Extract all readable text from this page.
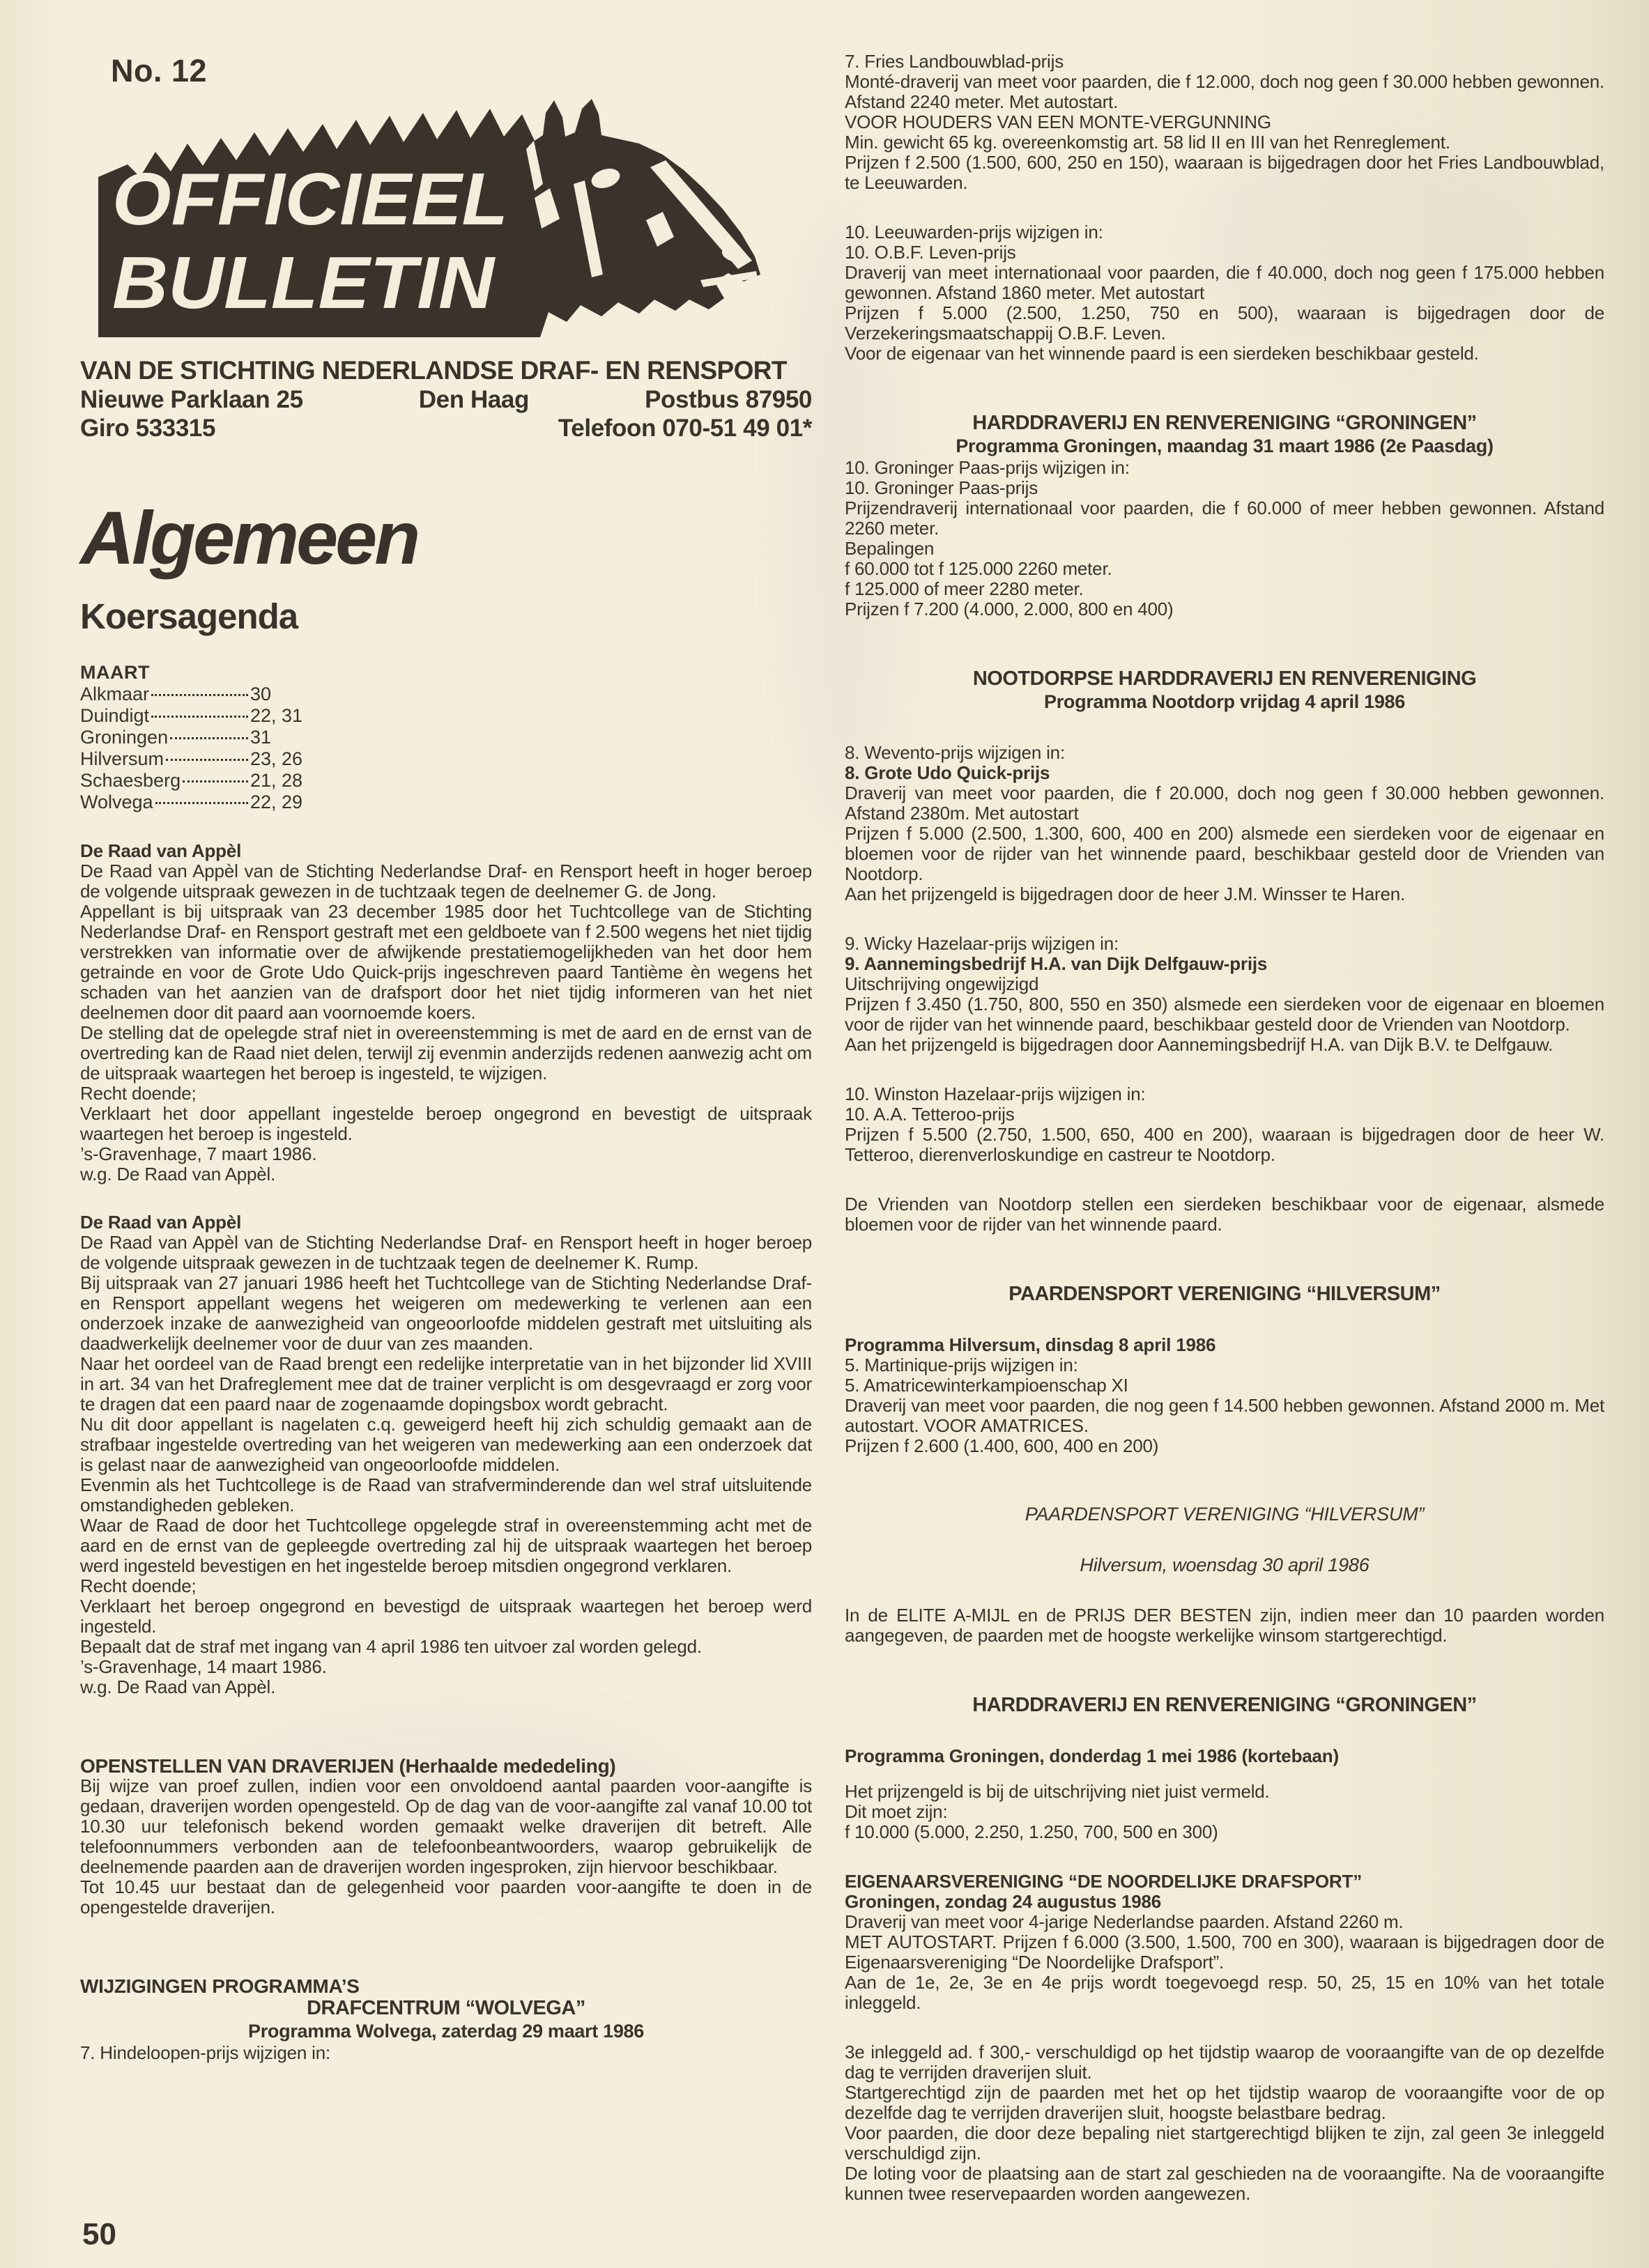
No. 12
OFFICIEEL
BULLETIN
VAN DE STICHTING NEDERLANDSE DRAF- EN RENSPORT
Nieuwe Parklaan 25	Den Haag	Postbus 87950
Giro 533315	Telefoon 070-51 49 01*
Algemeen
Koersagenda
MAART
Alkmaar	30
Duindigt	22, 31
Groningen	31
Hilversum	23, 26
Schaesberg	21, 28
Wolvega	22, 29
De Raad van Appèl
De Raad van Appèl van de Stichting Nederlandse Draf- en Rensport heeft in hoger beroep de volgende uitspraak gewezen in de tuchtzaak tegen de deelnemer G. de Jong.
Appellant is bij uitspraak van 23 december 1985 door het Tuchtcollege van de Stichting Nederlandse Draf- en Rensport gestraft met een geldboete van f 2.500 wegens het niet tijdig verstrekken van informatie over de afwijkende prestatiemogelijkheden van het door hem getrainde en voor de Grote Udo Quick-prijs ingeschreven paard Tantième èn wegens het schaden van het aanzien van de drafsport door het niet tijdig informeren van het niet deelnemen door dit paard aan voornoemde koers.
De stelling dat de opelegde straf niet in overeenstemming is met de aard en de ernst van de overtreding kan de Raad niet delen, terwijl zij evenmin anderzijds redenen aanwezig acht om de uitspraak waartegen het beroep is ingesteld, te wijzigen.
Recht doende;
Verklaart het door appellant ingestelde beroep ongegrond en bevestigt de uitspraak waartegen het beroep is ingesteld.
’s-Gravenhage, 7 maart 1986.
w.g. De Raad van Appèl.
De Raad van Appèl
De Raad van Appèl van de Stichting Nederlandse Draf- en Rensport heeft in hoger beroep de volgende uitspraak gewezen in de tuchtzaak tegen de deelnemer K. Rump.
Bij uitspraak van 27 januari 1986 heeft het Tuchtcollege van de Stichting Nederlandse Draf- en Rensport appellant wegens het weigeren om medewerking te verlenen aan een onderzoek inzake de aanwezigheid van ongeoorloofde middelen gestraft met uitsluiting als daadwerkelijk deelnemer voor de duur van zes maanden.
Naar het oordeel van de Raad brengt een redelijke interpretatie van in het bijzonder lid XVIII in art. 34 van het Drafreglement mee dat de trainer verplicht is om desgevraagd er zorg voor te dragen dat een paard naar de zogenaamde dopingsbox wordt gebracht.
Nu dit door appellant is nagelaten c.q. geweigerd heeft hij zich schuldig gemaakt aan de strafbaar ingestelde overtreding van het weigeren van medewerking aan een onderzoek dat is gelast naar de aanwezigheid van ongeoorloofde middelen.
Evenmin als het Tuchtcollege is de Raad van strafverminderende dan wel straf uitsluitende omstandigheden gebleken.
Waar de Raad de door het Tuchtcollege opgelegde straf in overeenstemming acht met de aard en de ernst van de gepleegde overtreding zal hij de uitspraak waartegen het beroep werd ingesteld bevestigen en het ingestelde beroep mitsdien ongegrond verklaren.
Recht doende;
Verklaart het beroep ongegrond en bevestigd de uitspraak waartegen het beroep werd ingesteld.
Bepaalt dat de straf met ingang van 4 april 1986 ten uitvoer zal worden gelegd.
’s-Gravenhage, 14 maart 1986.
w.g. De Raad van Appèl.
OPENSTELLEN VAN DRAVERIJEN (Herhaalde mededeling)
Bij wijze van proef zullen, indien voor een onvoldoend aantal paarden voor-aangifte is gedaan, draverijen worden opengesteld. Op de dag van de voor-aangifte zal vanaf 10.00 tot 10.30 uur telefonisch bekend worden gemaakt welke draverijen dit betreft. Alle telefoonnummers verbonden aan de telefoonbeantwoorders, waarop gebruikelijk de deelnemende paarden aan de draverijen worden ingesproken, zijn hiervoor beschikbaar.
Tot 10.45 uur bestaat dan de gelegenheid voor paarden voor-aangifte te doen in de opengestelde draverijen.
WIJZIGINGEN PROGRAMMA’S
DRAFCENTRUM “WOLVEGA”
Programma Wolvega, zaterdag 29 maart 1986
7. Hindeloopen-prijs wijzigen in:
7. Fries Landbouwblad-prijs
Monté-draverij van meet voor paarden, die f 12.000, doch nog geen f 30.000 hebben gewonnen. Afstand 2240 meter. Met autostart.
VOOR HOUDERS VAN EEN MONTE-VERGUNNING
Min. gewicht 65 kg. overeenkomstig art. 58 lid II en III van het Renreglement.
Prijzen f 2.500 (1.500, 600, 250 en 150), waaraan is bijgedragen door het Fries Landbouwblad, te Leeuwarden.
10. Leeuwarden-prijs wijzigen in:
10. O.B.F. Leven-prijs
Draverij van meet internationaal voor paarden, die f 40.000, doch nog geen f 175.000 hebben gewonnen. Afstand 1860 meter. Met autostart
Prijzen f 5.000 (2.500, 1.250, 750 en 500), waaraan is bijgedragen door de Verzekeringsmaatschappij O.B.F. Leven.
Voor de eigenaar van het winnende paard is een sierdeken beschikbaar gesteld.
HARDDRAVERIJ EN RENVERENIGING “GRONINGEN”
Programma Groningen, maandag 31 maart 1986 (2e Paasdag)
10. Groninger Paas-prijs wijzigen in:
10. Groninger Paas-prijs
Prijzendraverij internationaal voor paarden, die f 60.000 of meer hebben gewonnen. Afstand 2260 meter.
Bepalingen
f 60.000 tot f 125.000 2260 meter.
f 125.000 of meer 2280 meter.
Prijzen f 7.200 (4.000, 2.000, 800 en 400)
NOOTDORPSE HARDDRAVERIJ EN RENVERENIGING
Programma Nootdorp vrijdag 4 april 1986
8. Wevento-prijs wijzigen in:
8. Grote Udo Quick-prijs
Draverij van meet voor paarden, die f 20.000, doch nog geen f 30.000 hebben gewonnen. Afstand 2380m. Met autostart
Prijzen f 5.000 (2.500, 1.300, 600, 400 en 200) alsmede een sierdeken voor de eigenaar en bloemen voor de rijder van het winnende paard, beschikbaar gesteld door de Vrienden van Nootdorp.
Aan het prijzengeld is bijgedragen door de heer J.M. Winsser te Haren.
9. Wicky Hazelaar-prijs wijzigen in:
9. Aannemingsbedrijf H.A. van Dijk Delfgauw-prijs
Uitschrijving ongewijzigd
Prijzen f 3.450 (1.750, 800, 550 en 350) alsmede een sierdeken voor de eigenaar en bloemen voor de rijder van het winnende paard, beschikbaar gesteld door de Vrienden van Nootdorp.
Aan het prijzengeld is bijgedragen door Aannemingsbedrijf H.A. van Dijk B.V. te Delfgauw.
10. Winston Hazelaar-prijs wijzigen in:
10. A.A. Tetteroo-prijs
Prijzen f 5.500 (2.750, 1.500, 650, 400 en 200), waaraan is bijgedragen door de heer W. Tetteroo, dierenverloskundige en castreur te Nootdorp.
De Vrienden van Nootdorp stellen een sierdeken beschikbaar voor de eigenaar, alsmede bloemen voor de rijder van het winnende paard.
PAARDENSPORT VERENIGING “HILVERSUM”
Programma Hilversum, dinsdag 8 april 1986
5. Martinique-prijs wijzigen in:
5. Amatricewinterkampioenschap XI
Draverij van meet voor paarden, die nog geen f 14.500 hebben gewonnen. Afstand 2000 m. Met autostart. VOOR AMATRICES.
Prijzen f 2.600 (1.400, 600, 400 en 200)
PAARDENSPORT VERENIGING “HILVERSUM”
Hilversum, woensdag 30 april 1986
In de ELITE A-MIJL en de PRIJS DER BESTEN zijn, indien meer dan 10 paarden worden aangegeven, de paarden met de hoogste werkelijke winsom startgerechtigd.
HARDDRAVERIJ EN RENVERENIGING “GRONINGEN”
Programma Groningen, donderdag 1 mei 1986 (kortebaan)
Het prijzengeld is bij de uitschrijving niet juist vermeld.
Dit moet zijn:
f 10.000 (5.000, 2.250, 1.250, 700, 500 en 300)
EIGENAARSVERENIGING “DE NOORDELIJKE DRAFSPORT”
Groningen, zondag 24 augustus 1986
Draverij van meet voor 4-jarige Nederlandse paarden. Afstand 2260 m.
MET AUTOSTART. Prijzen f 6.000 (3.500, 1.500, 700 en 300), waaraan is bijgedragen door de Eigenaarsvereniging “De Noordelijke Drafsport”.
Aan de 1e, 2e, 3e en 4e prijs wordt toegevoegd resp. 50, 25, 15 en 10% van het totale inleggeld.
3e inleggeld ad. f 300,- verschuldigd op het tijdstip waarop de vooraangifte van de op dezelfde dag te verrijden draverijen sluit.
Startgerechtigd zijn de paarden met het op het tijdstip waarop de vooraangifte voor de op dezelfde dag te verrijden draverijen sluit, hoogste belastbare bedrag.
Voor paarden, die door deze bepaling niet startgerechtigd blijken te zijn, zal geen 3e inleggeld verschuldigd zijn.
De loting voor de plaatsing aan de start zal geschieden na de vooraangifte. Na de vooraangifte kunnen twee reservepaarden worden aangewezen.
50
